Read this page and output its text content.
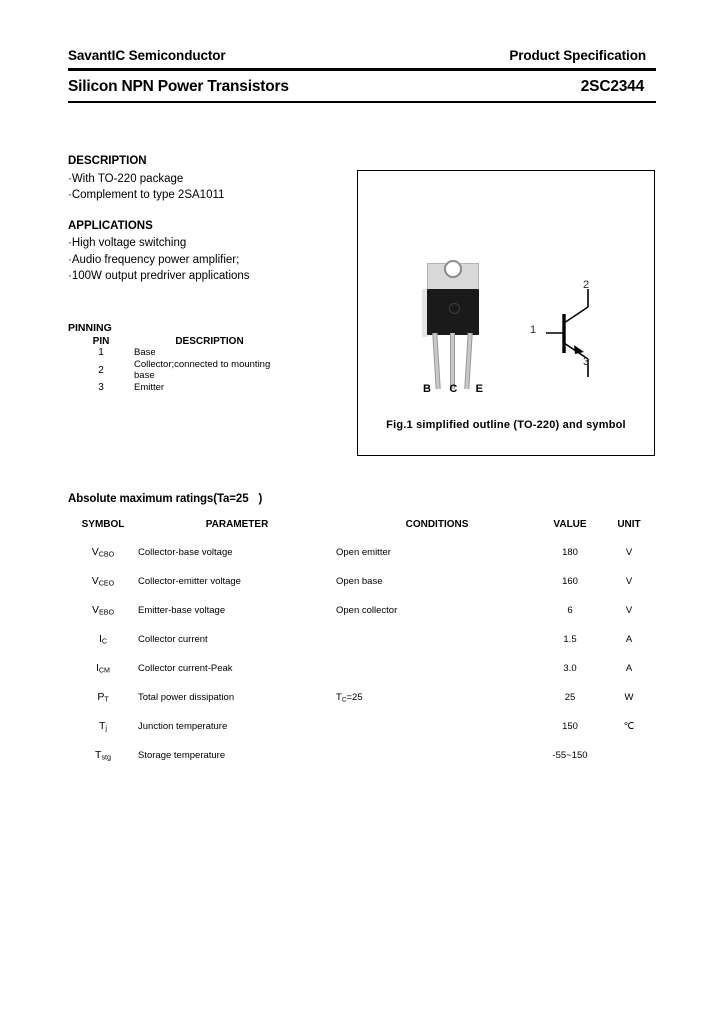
SavantIC Semiconductor	Product Specification
Silicon NPN Power Transistors	2SC2344
DESCRIPTION
·With TO-220 package
·Complement to type 2SA1011
APPLICATIONS
·High voltage switching
·Audio frequency power amplifier;
·100W output predriver applications
PINNING
PIN	DESCRIPTION
1	Base
2	Collector;connected to mounting base
3	Emitter	B C E
1
2
3
Fig.1 simplified outline (TO-220) and symbol
Absolute maximum ratings(Ta=25 )
SYMBOL	PARAMETER	CONDITIONS	VALUE	UNIT
$V_{CBO}$	Collector-base voltage	Open emitter	180	V
$V_{CEO}$	Collector-emitter voltage	Open base	160	V
$V_{EBO}$	Emitter-base voltage	Open collector	6	V
$I_C$	Collector current		1.5	A
$I_{CM}$	Collector current-Peak		3.0	A
$P_T$	Total power dissipation	$T_C=25$	25	W
$T_j$	Junction temperature		150	℃
$T_{stg}$	Storage temperature		-55~150	
